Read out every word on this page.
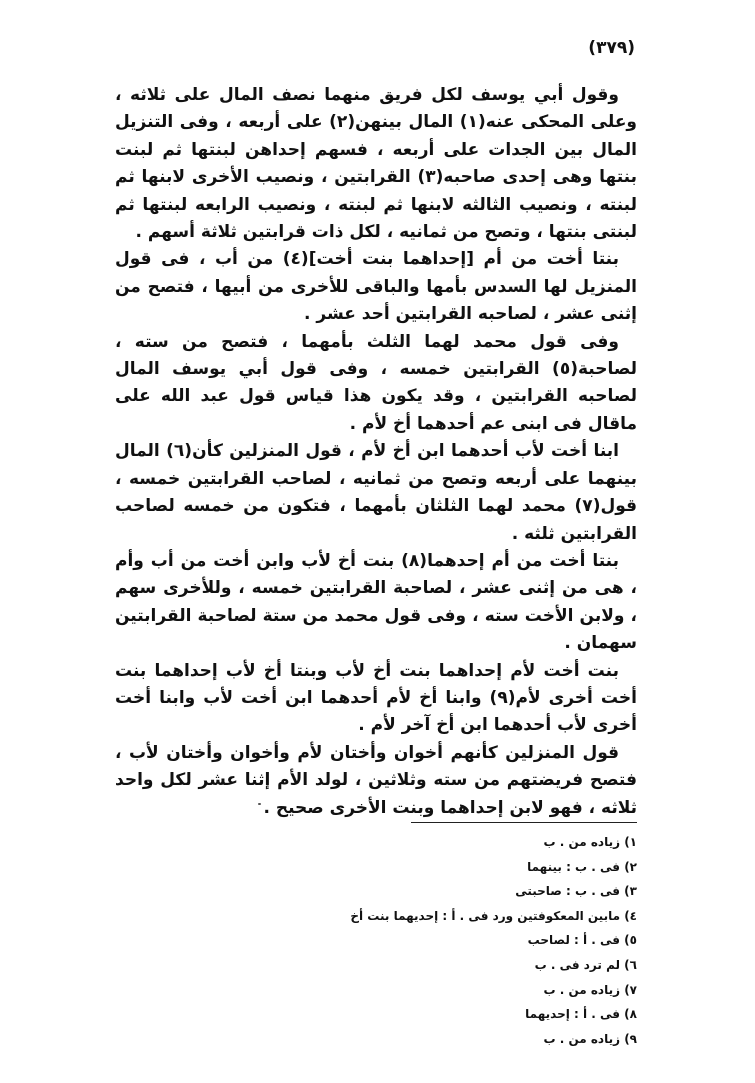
(٣٧٩)

وقول أبي يوسف لكل فريق منهما نصف المال على ثلاثه ، وعلى المحكى عنه(١) المال بينهن(٢) على أربعه ، وفى التنزيل المال بين الجدات على أربعه ، فسهم إحداهن لبنتها ثم لبنت بنتها وهى إحدى صاحبه(٣) القرابتين ، ونصيب الأخرى لابنها ثم لبنته ، ونصيب الثالثه لابنها ثم لبنته ، ونصيب الرابعه لبنتها ثم لبنتى بنتها ، وتصح من ثمانيه ، لكل ذات قرابتين ثلاثة أسهم .

بنتا أخت من أم [إحداهما بنت أخت](٤) من أب ، فى قول المنزيل لها السدس بأمها والباقى للأخرى من أبيها ، فتصح من إثنى عشر ، لصاحبه القرابتين أحد عشر .

وفى قول محمد لهما الثلث بأمهما ، فتصح من سته ، لصاحبة(٥) القرابتين خمسه ، وفى قول أبي يوسف المال لصاحبه القرابتين ، وقد يكون هذا قياس قول عبد الله على ماقال فى ابنى عم أحدهما أخ لأم .

ابنا أخت لأب أحدهما ابن أخ لأم ، قول المنزلين كأن(٦) المال بينهما على أربعه وتصح من ثمانيه ، لصاحب القرابتين خمسه ، قول(٧) محمد لهما الثلثان بأمهما ، فتكون من خمسه لصاحب القرابتين ثلثه .

بنتا أخت من أم إحدهما(٨) بنت أخ لأب وابن أخت من أب وأم ، هى من إثنى عشر ، لصاحبة القرابتين خمسه ، وللأخرى سهم ، ولابن الأخت سته ، وفى قول محمد من ستة لصاحبة القرابتين سهمان .

بنت أخت لأم إحداهما بنت أخ لأب وبنتا أخ لأب إحداهما بنت أخت أخرى لأم(٩) وابنا أخ لأم أحدهما ابن أخت لأب وابنا أخت أخرى لأب أحدهما ابن أخ آخر لأم .

قول المنزلين كأنهم أخوان وأختان لأم وأخوان وأختان لأب ، فتصح فريضتهم من سته وثلاثين ، لولد الأم إثنا عشر لكل واحد ثلاثه ، فهو لابن إحداهما وبنت الأخرى صحيح .

١) زياده من . ب
٢) فى . ب : بينهما
٣) فى . ب : صاحبتى
٤) مابين المعكوفتين ورد فى . أ : إحديهما بنت أخ
٥) فى . أ : لصاحب
٦) لم ترد فى . ب
٧) زياده من . ب
٨) فى . أ : إحديهما
٩) زياده من . ب
